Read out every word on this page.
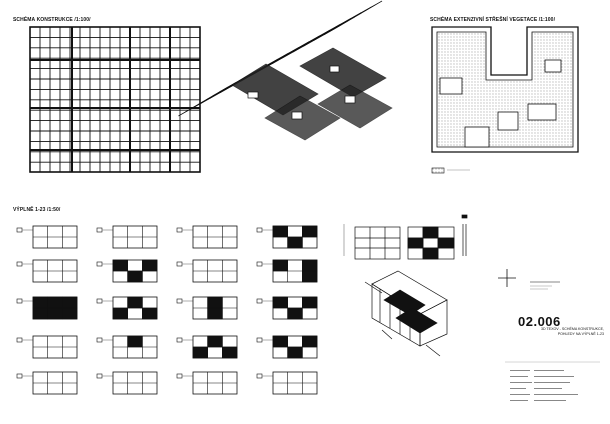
SCHÉMA KONSTRUKCE /1:100/	SCHÉMA EXTENZIVNÍ STŘEŠNÍ VEGETACE /1:100/
VÝPLNĚ 1-23 /1:50/
02.006
3D TEXOV - SCHÉMA KONSTRUKCE,
POHLEDY NA VÝPLNĚ 1-23
